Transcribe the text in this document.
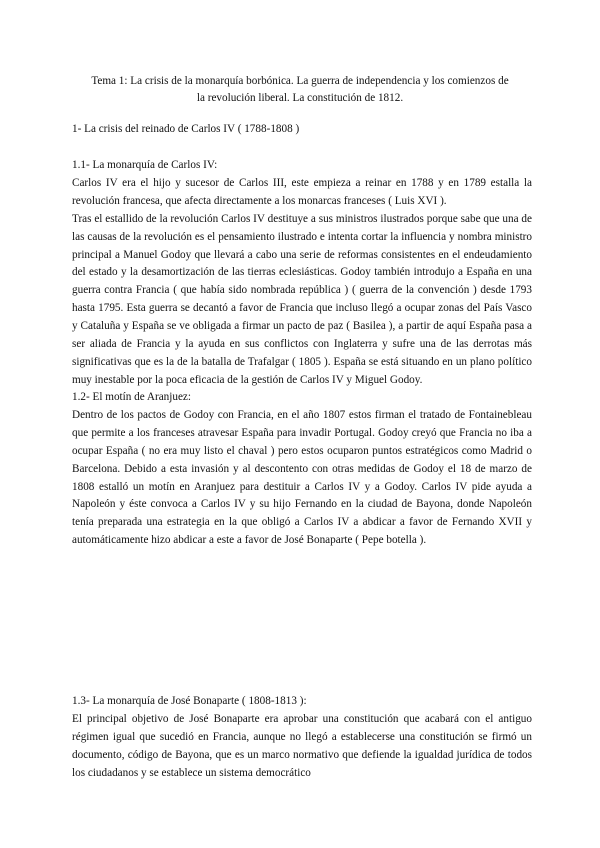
Tema 1: La crisis de la monarquía borbónica. La guerra de independencia y los comienzos de
la revolución liberal. La constitución de 1812.

1- La crisis del reinado de Carlos IV ( 1788-1808 )

1.1- La monarquía de Carlos IV:

Carlos IV era el hijo y sucesor de Carlos III, este empieza a reinar en 1788 y en 1789 estalla la revolución francesa, que afecta directamente a los monarcas franceses ( Luis XVI ).

Tras el estallido de la revolución Carlos IV destituye a sus ministros ilustrados porque sabe que una de las causas de la revolución es el pensamiento ilustrado e intenta cortar la influencia y nombra ministro principal a Manuel Godoy que llevará a cabo una serie de reformas consistentes en el endeudamiento del estado y la desamortización de las tierras eclesiásticas. Godoy también introdujo a España en una guerra contra Francia ( que había sido nombrada república ) ( guerra de la convención ) desde 1793 hasta 1795. Esta guerra se decantó a favor de Francia que incluso llegó a ocupar zonas del País Vasco y Cataluña y España se ve obligada a firmar un pacto de paz ( Basilea ), a partir de aquí España pasa a ser aliada de Francia y la ayuda en sus conflictos con Inglaterra y sufre una de las derrotas más significativas que es la de la batalla de Trafalgar ( 1805 ). España se está situando en un plano político muy inestable por la poca eficacia de la gestión de Carlos IV y Miguel Godoy.

1.2- El motín de Aranjuez:

Dentro de los pactos de Godoy con Francia, en el año 1807 estos firman el tratado de Fontainebleau que permite a los franceses atravesar España para invadir Portugal. Godoy creyó que Francia no iba a ocupar España ( no era muy listo el chaval ) pero estos ocuparon puntos estratégicos como Madrid o Barcelona. Debido a esta invasión y al descontento con otras medidas de Godoy el 18 de marzo de 1808 estalló un motín en Aranjuez para destituir a Carlos IV y a Godoy. Carlos IV pide ayuda a Napoleón y éste convoca a Carlos IV y su hijo Fernando en la ciudad de Bayona, donde Napoleón tenía preparada una estrategia en la que obligó a Carlos IV a abdicar a favor de Fernando XVII y automáticamente hizo abdicar a este a favor de José Bonaparte ( Pepe botella ).

1.3- La monarquía de José Bonaparte ( 1808-1813 ):

El principal objetivo de José Bonaparte era aprobar una constitución que acabará con el antiguo régimen igual que sucedió en Francia, aunque no llegó a establecerse una constitución se firmó un documento, código de Bayona, que es un marco normativo que defiende la igualdad jurídica de todos los ciudadanos y se establece un sistema democrático
